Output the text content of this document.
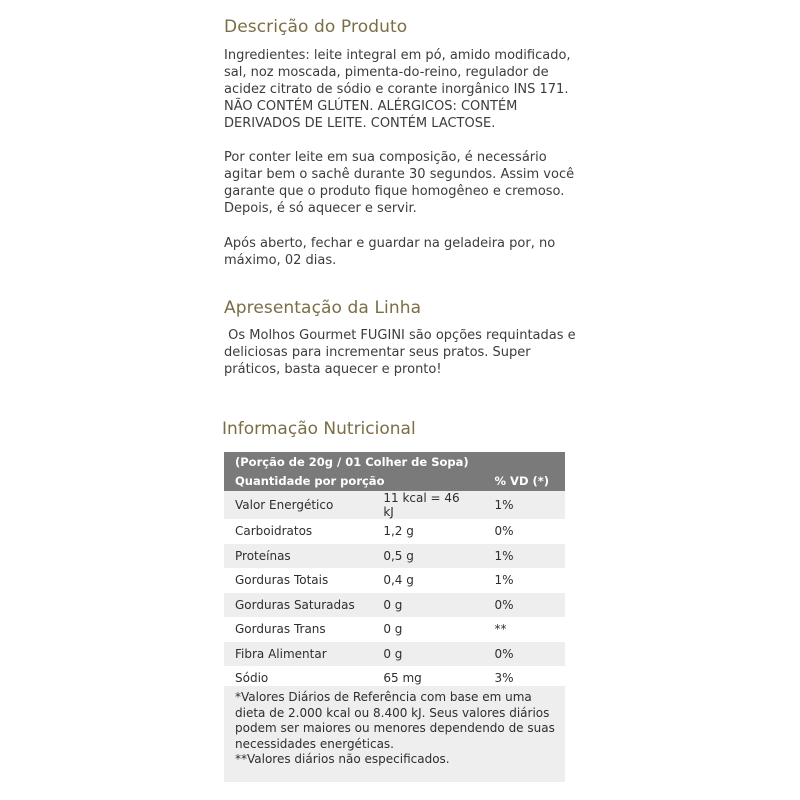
Descrição do Produto

Ingredientes: leite integral em pó, amido modificado, sal, noz moscada, pimenta-do-reino, regulador de acidez citrato de sódio e corante inorgânico INS 171. NÃO CONTÉM GLÚTEN. ALÉRGICOS: CONTÉM DERIVADOS DE LEITE. CONTÉM LACTOSE.

Por conter leite em sua composição, é necessário agitar bem o sachê durante 30 segundos. Assim você garante que o produto fique homogêneo e cremoso. Depois, é só aquecer e servir.

Após aberto, fechar e guardar na geladeira por, no máximo, 02 dias.

Apresentação da Linha

Os Molhos Gourmet FUGINI são opções requintadas e deliciosas para incrementar seus pratos. Super práticos, basta aquecer e pronto!

Informação Nutricional
(Porção de 20g / 01 Colher de Sopa)		
Quantidade por porção		% VD (*)
Valor Energético	11 kcal = 46 kJ	1%
Carboidratos	1,2 g	0%
Proteínas	0,5 g	1%
Gorduras Totais	0,4 g	1%
Gorduras Saturadas	0 g	0%
Gorduras Trans	0 g	**
Fibra Alimentar	0 g	0%
Sódio	65 mg	3%

*Valores Diários de Referência com base em uma dieta de 2.000 kcal ou 8.400 kJ. Seus valores diários podem ser maiores ou menores dependendo de suas necessidades energéticas.

**Valores diários não especificados.
